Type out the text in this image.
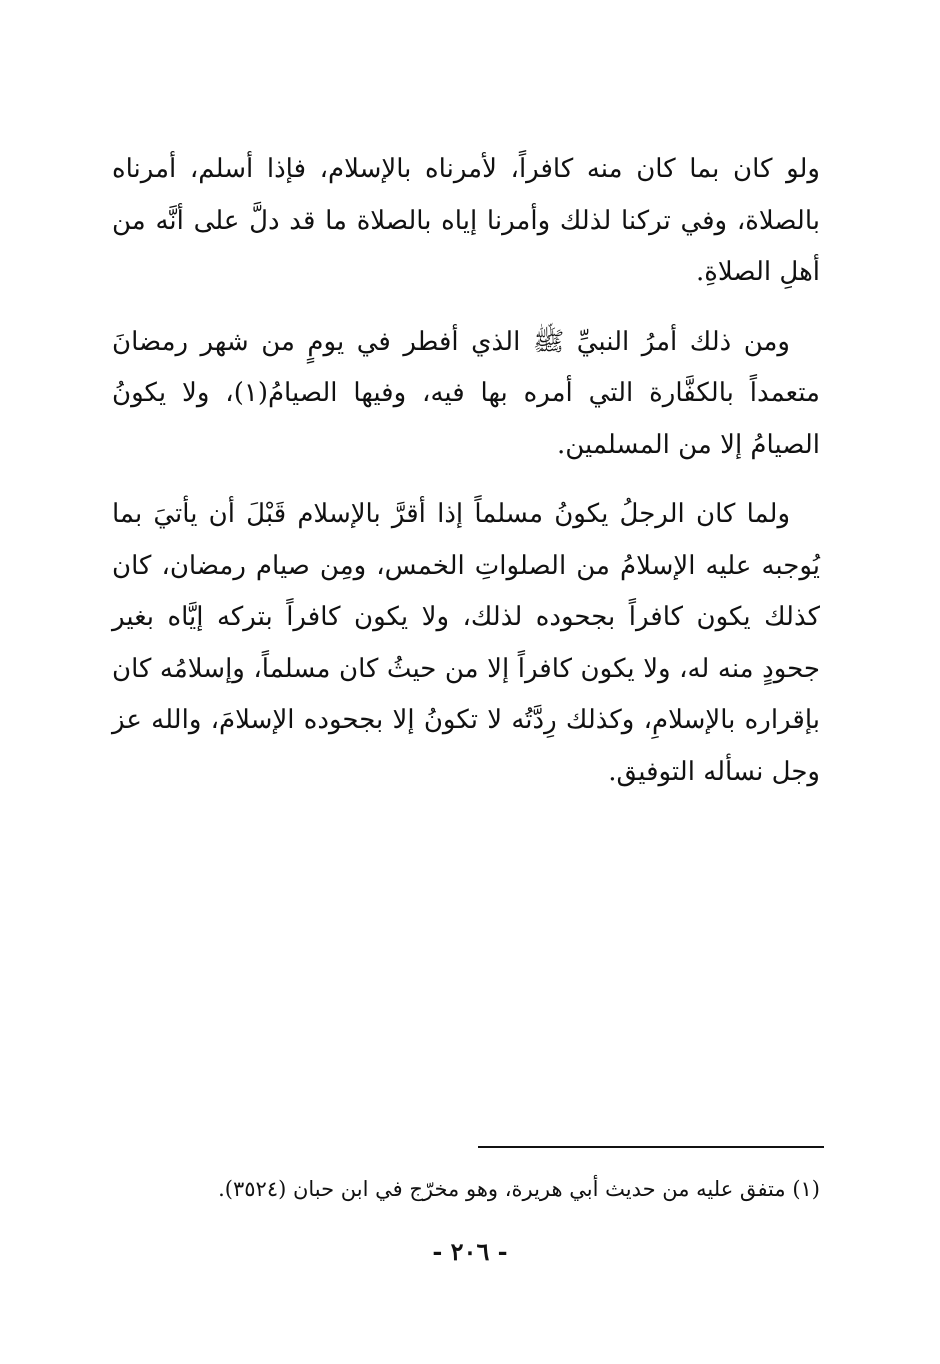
ولو كان بما كان منه كافراً، لأمرناه بالإسلام، فإذا أسلم، أمرناه بالصلاة، وفي تركنا لذلك وأمرنا إياه بالصلاة ما قد دلَّ على أنَّه من أهلِ الصلاةِ.

ومن ذلك أمرُ النبيِّ ﷺ الذي أفطر في يومٍ من شهر رمضانَ متعمداً بالكفَّارة التي أمره بها فيه، وفيها الصيامُ(١)، ولا يكونُ الصيامُ إلا من المسلمين.

ولما كان الرجلُ يكونُ مسلماً إذا أقرَّ بالإسلام قَبْلَ أن يأتيَ بما يُوجبه عليه الإسلامُ من الصلواتِ الخمس، ومِن صيام رمضان، كان كذلك يكون كافراً بجحوده لذلك، ولا يكون كافراً بتركه إيَّاه بغير جحودٍ منه له، ولا يكون كافراً إلا من حيثُ كان مسلماً، وإسلامُه كان بإقراره بالإسلامِ، وكذلك رِدَّتُه لا تكونُ إلا بجحوده الإسلامَ، والله عز وجل نسأله التوفيق.

(١) متفق عليه من حديث أبي هريرة، وهو مخرّج في ابن حبان (٣٥٢٤).
- ٢٠٦ -
